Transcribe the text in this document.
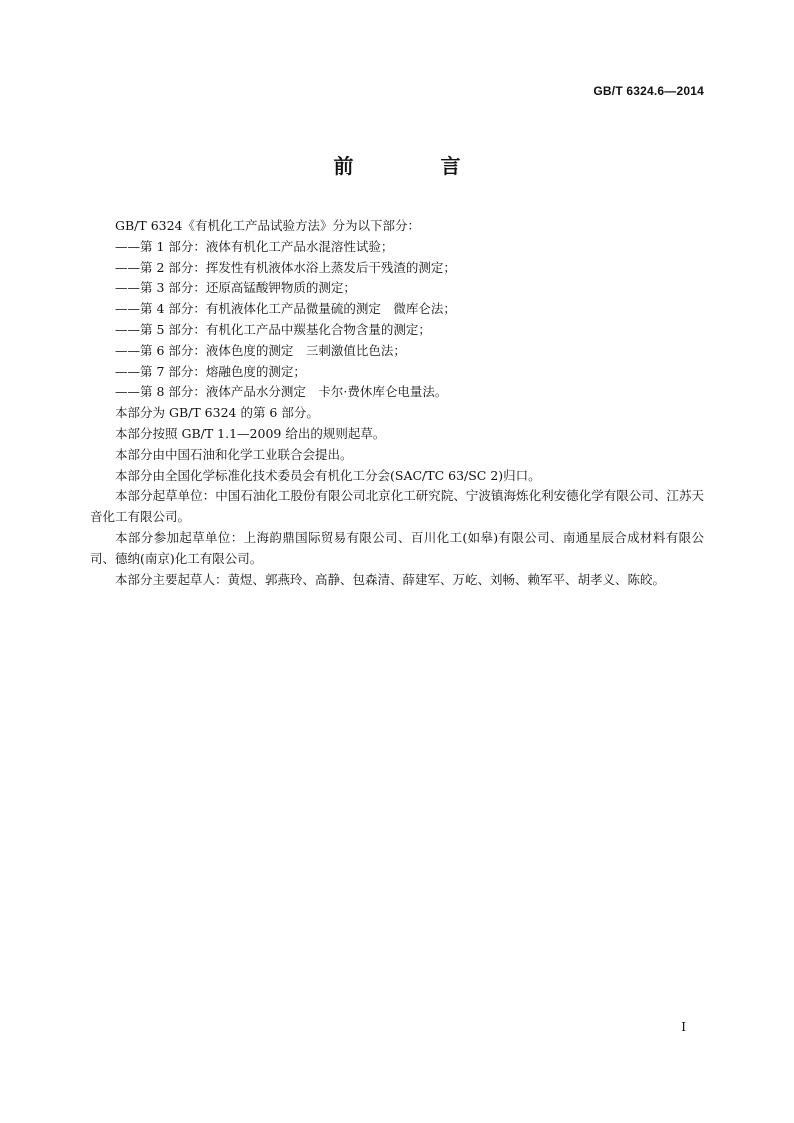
GB/T 6324.6—2014
前 言

GB/T 6324《有机化工产品试验方法》分为以下部分：

——第 1 部分：液体有机化工产品水混溶性试验；

——第 2 部分：挥发性有机液体水浴上蒸发后干残渣的测定；

——第 3 部分：还原高锰酸钾物质的测定；

——第 4 部分：有机液体化工产品微量硫的测定　微库仑法；

——第 5 部分：有机化工产品中羰基化合物含量的测定；

——第 6 部分：液体色度的测定　三刺激值比色法；

——第 7 部分：熔融色度的测定；

——第 8 部分：液体产品水分测定　卡尔·费休库仑电量法。

本部分为 GB/T 6324 的第 6 部分。

本部分按照 GB/T 1.1—2009 给出的规则起草。

本部分由中国石油和化学工业联合会提出。

本部分由全国化学标准化技术委员会有机化工分会(SAC/TC 63/SC 2)归口。

本部分起草单位：中国石油化工股份有限公司北京化工研究院、宁波镇海炼化利安德化学有限公司、江苏天音化工有限公司。

本部分参加起草单位：上海韵鼎国际贸易有限公司、百川化工(如皋)有限公司、南通星辰合成材料有限公司、德纳(南京)化工有限公司。

本部分主要起草人：黄煜、郭燕玲、高静、包森清、薛建军、万屹、刘畅、赖军平、胡孝义、陈皎。

I
